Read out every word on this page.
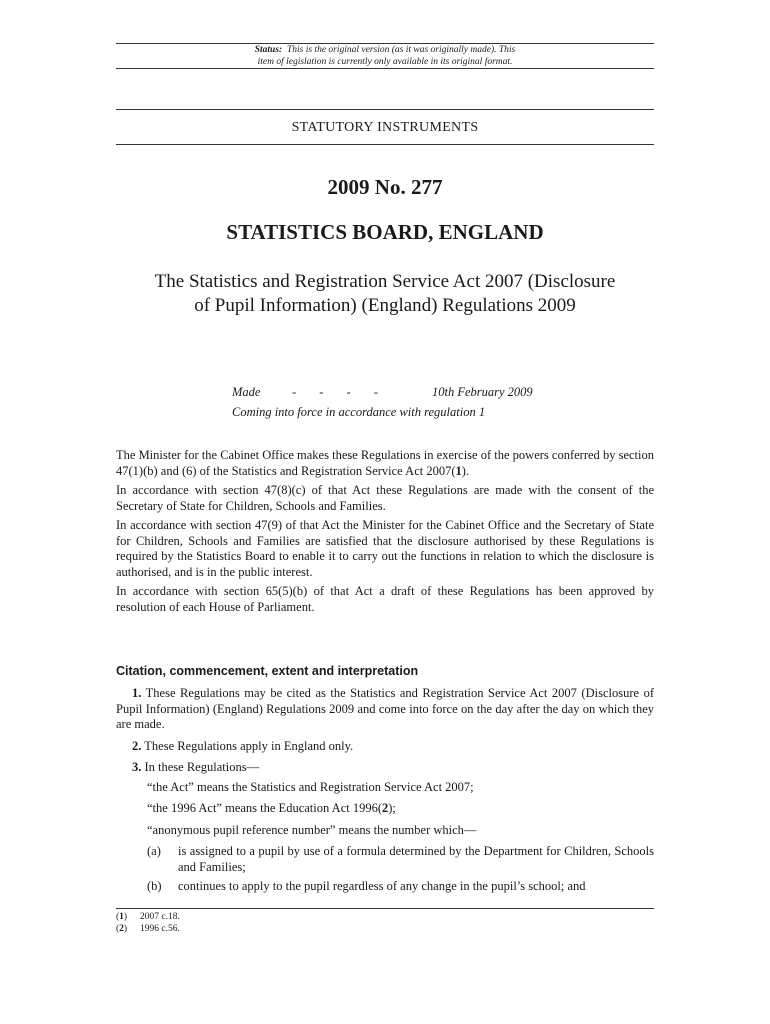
Status: This is the original version (as it was originally made). This
item of legislation is currently only available in its original format.
STATUTORY INSTRUMENTS
2009 No. 277
STATISTICS BOARD, ENGLAND
The Statistics and Registration Service Act 2007 (Disclosure
of Pupil Information) (England) Regulations 2009
Made	- - - -	10th February 2009
Coming into force in accordance with regulation 1

The Minister for the Cabinet Office makes these Regulations in exercise of the powers conferred by section 47(1)(b) and (6) of the Statistics and Registration Service Act 2007(1).

In accordance with section 47(8)(c) of that Act these Regulations are made with the consent of the Secretary of State for Children, Schools and Families.

In accordance with section 47(9) of that Act the Minister for the Cabinet Office and the Secretary of State for Children, Schools and Families are satisfied that the disclosure authorised by these Regulations is required by the Statistics Board to enable it to carry out the functions in relation to which the disclosure is authorised, and is in the public interest.

In accordance with section 65(5)(b) of that Act a draft of these Regulations has been approved by resolution of each House of Parliament.

Citation, commencement, extent and interpretation

1. These Regulations may be cited as the Statistics and Registration Service Act 2007 (Disclosure of Pupil Information) (England) Regulations 2009 and come into force on the day after the day on which they are made.

2. These Regulations apply in England only.

3. In these Regulations—

“the Act” means the Statistics and Registration Service Act 2007;

“the 1996 Act” means the Education Act 1996(2);

“anonymous pupil reference number” means the number which—

(a)	is assigned to a pupil by use of a formula determined by the Department for Children, Schools and Families;
(b)	continues to apply to the pupil regardless of any change in the pupil’s school; and
(1)	2007 c.18.
(2)	1996 c.56.
